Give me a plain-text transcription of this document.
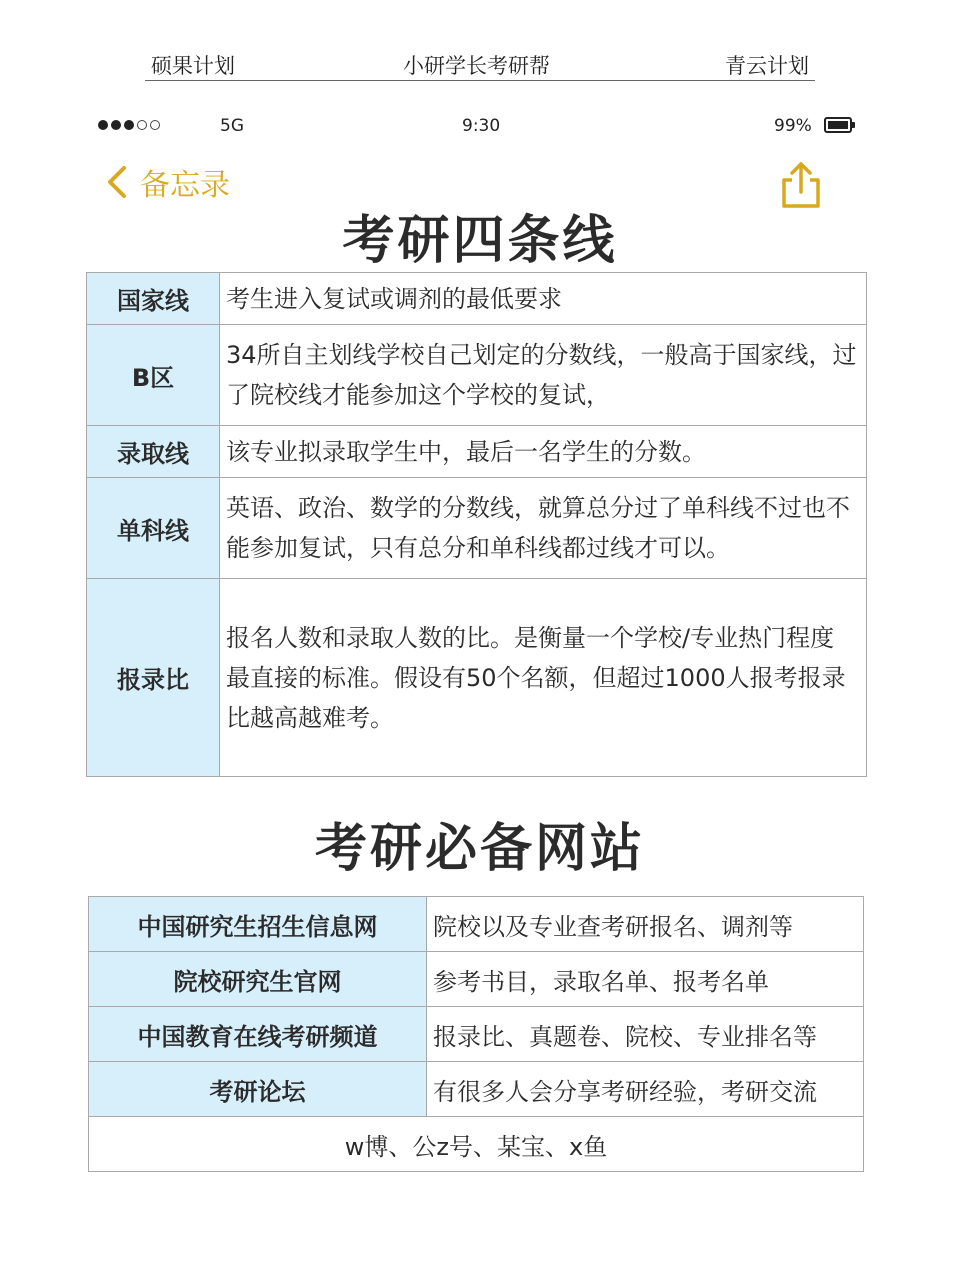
硕果计划	小研学长考研帮	青云计划
5G	9:30	99%
备忘录
考研四条线
国家线	考生进入复试或调剂的最低要求
B区	34所自主划线学校自己划定的分数线，一般高于国家线，过了院校线才能参加这个学校的复试，
录取线	该专业拟录取学生中，最后一名学生的分数。
单科线	英语、政治、数学的分数线，就算总分过了单科线不过也不能参加复试，只有总分和单科线都过线才可以。
报录比	报名人数和录取人数的比。是衡量一个学校/专业热门程度最直接的标准。假设有50个名额，但超过1000人报考报录比越高越难考。
考研必备网站
中国研究生招生信息网	院校以及专业查考研报名、调剂等
院校研究生官网	参考书目，录取名单、报考名单
中国教育在线考研频道	报录比、真题卷、院校、专业排名等
考研论坛	有很多人会分享考研经验，考研交流
w博、公z号、某宝、x鱼	
